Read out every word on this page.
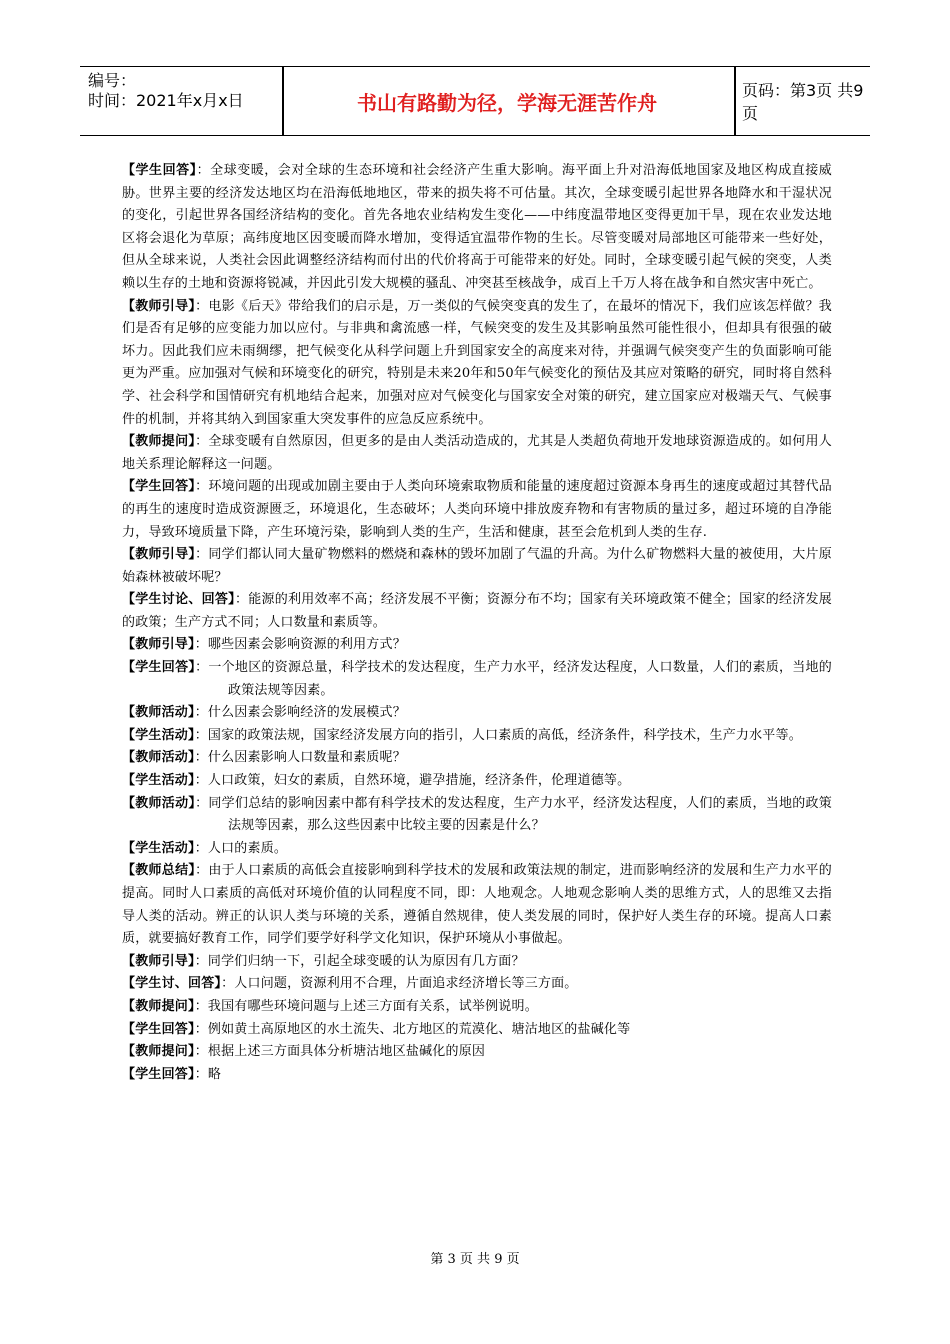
编号：
时间：2021年x月x日	书山有路勤为径，学海无涯苦作舟	页码：第3页 共9页

【学生回答】：全球变暖，会对全球的生态环境和社会经济产生重大影响。海平面上升对沿海低地国家及地区构成直接威胁。世界主要的经济发达地区均在沿海低地地区，带来的损失将不可估量。其次，全球变暖引起世界各地降水和干湿状况的变化，引起世界各国经济结构的变化。首先各地农业结构发生变化——中纬度温带地区变得更加干旱，现在农业发达地区将会退化为草原；高纬度地区因变暖而降水增加，变得适宜温带作物的生长。尽管变暖对局部地区可能带来一些好处，但从全球来说，人类社会因此调整经济结构而付出的代价将高于可能带来的好处。同时，全球变暖引起气候的突变，人类赖以生存的土地和资源将锐减，并因此引发大规模的骚乱、冲突甚至核战争，成百上千万人将在战争和自然灾害中死亡。

【教师引导】：电影《后天》带给我们的启示是，万一类似的气候突变真的发生了，在最坏的情况下，我们应该怎样做？我们是否有足够的应变能力加以应付。与非典和禽流感一样，气候突变的发生及其影响虽然可能性很小，但却具有很强的破坏力。因此我们应未雨绸缪，把气候变化从科学问题上升到国家安全的高度来对待，并强调气候突变产生的负面影响可能更为严重。应加强对气候和环境变化的研究，特别是未来20年和50年气候变化的预估及其应对策略的研究，同时将自然科学、社会科学和国情研究有机地结合起来，加强对应对气候变化与国家安全对策的研究，建立国家应对极端天气、气候事件的机制，并将其纳入到国家重大突发事件的应急反应系统中。

【教师提问】：全球变暖有自然原因，但更多的是由人类活动造成的，尤其是人类超负荷地开发地球资源造成的。如何用人地关系理论解释这一问题。

【学生回答】：环境问题的出现或加剧主要由于人类向环境索取物质和能量的速度超过资源本身再生的速度或超过其替代品的再生的速度时造成资源匮乏，环境退化，生态破坏；人类向环境中排放废弃物和有害物质的量过多，超过环境的自净能力，导致环境质量下降，产生环境污染，影响到人类的生产，生活和健康，甚至会危机到人类的生存.

【教师引导】：同学们都认同大量矿物燃料的燃烧和森林的毁坏加剧了气温的升高。为什么矿物燃料大量的被使用，大片原始森林被破坏呢？

【学生讨论、回答】：能源的利用效率不高；经济发展不平衡；资源分布不均；国家有关环境政策不健全；国家的经济发展的政策；生产方式不同；人口数量和素质等。

【教师引导】：哪些因素会影响资源的利用方式？

【学生回答】：一个地区的资源总量，科学技术的发达程度，生产力水平，经济发达程度，人口数量，人们的素质，当地的政策法规等因素。

【教师活动】：什么因素会影响经济的发展模式？

【学生活动】：国家的政策法规，国家经济发展方向的指引，人口素质的高低，经济条件，科学技术，生产力水平等。

【教师活动】：什么因素影响人口数量和素质呢？

【学生活动】：人口政策，妇女的素质，自然环境，避孕措施，经济条件，伦理道德等。

【教师活动】：同学们总结的影响因素中都有科学技术的发达程度，生产力水平，经济发达程度，人们的素质，当地的政策法规等因素，那么这些因素中比较主要的因素是什么？

【学生活动】：人口的素质。

【教师总结】：由于人口素质的高低会直接影响到科学技术的发展和政策法规的制定，进而影响经济的发展和生产力水平的提高。同时人口素质的高低对环境价值的认同程度不同，即：人地观念。人地观念影响人类的思维方式，人的思维又去指导人类的活动。辨正的认识人类与环境的关系，遵循自然规律，使人类发展的同时，保护好人类生存的环境。提高人口素质，就要搞好教育工作，同学们要学好科学文化知识，保护环境从小事做起。

【教师引导】：同学们归纳一下，引起全球变暖的认为原因有几方面？

【学生讨、回答】：人口问题，资源利用不合理，片面追求经济增长等三方面。

【教师提问】：我国有哪些环境问题与上述三方面有关系，试举例说明。

【学生回答】：例如黄土高原地区的水土流失、北方地区的荒漠化、塘沽地区的盐碱化等

【教师提问】：根据上述三方面具体分析塘沽地区盐碱化的原因

【学生回答】：略

第 3 页 共 9 页
